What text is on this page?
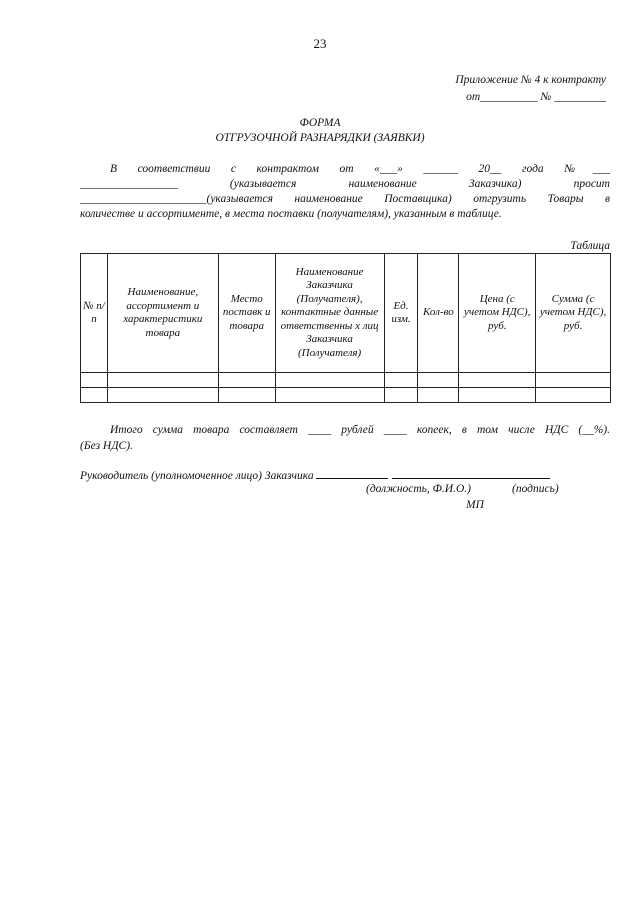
23
Приложение № 4 к контракту
от__________ № _________
ФОРМА
ОТГРУЗОЧНОЙ РАЗНАРЯДКИ (ЗАЯВКИ)

В соответствии с контрактом от «___» ______ 20__ года №___

_________________ (указывается наименование Заказчика) просит

______________________(указывается наименование Поставщика) отгрузить Товары в

количестве и ассортименте, в места поставки (получателям), указанным в таблице.

Таблица
№ п/п	Наименование, ассортимент и характеристики товара	Место поставк и товара	Наименование Заказчика (Получателя), контактные данные ответственны х лиц Заказчика (Получателя)	Ед. изм.	Кол-во	Цена (с учетом НДС), руб.	Сумма (с учетом НДС), руб.

Итого сумма товара составляет ____ рублей ____ копеек, в том числе НДС (__%).

(Без НДС).

Руководитель (уполномоченное лицо) Заказчика
(должность, Ф.И.О.)	(подпись)
МП
